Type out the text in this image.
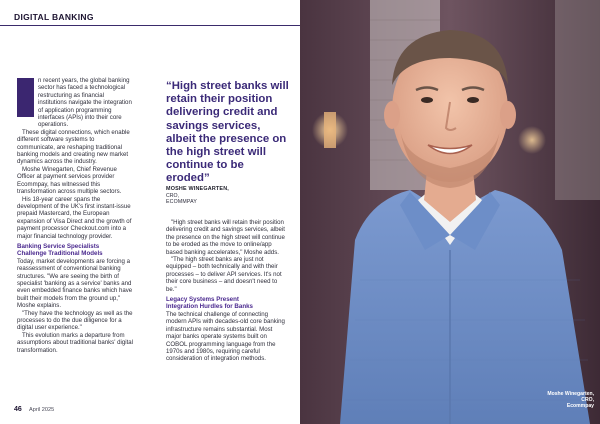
DIGITAL BANKING

n recent years, the global banking sector has faced a technological restructuring as financial institutions navigate the integration of application programming interfaces (APIs) into their core operations.

These digital connections, which enable different software systems to communicate, are reshaping traditional banking models and creating new market dynamics across the industry.

Moshe Winegarten, Chief Revenue Officer at payment services provider Ecommpay, has witnessed this transformation across multiple sectors.

His 18-year career spans the development of the UK's first instant-issue prepaid Mastercard, the European expansion of Visa Direct and the growth of payment processor Checkout.com into a major financial technology provider.

Banking Service Specialists
Challenge Traditional Models

Today, market developments are forcing a reassessment of conventional banking structures. "We are seeing the birth of specialist 'banking as a service' banks and even embedded finance banks which have built their models from the ground up," Moshe explains.

"They have the technology as well as the processes to do the due diligence for a digital user experience."

This evolution marks a departure from assumptions about traditional banks' digital transformation.

“High street banks will retain their position delivering credit and savings services, albeit the presence on the high street will continue to be eroded”
MOSHE WINEGARTEN,
CRO,
ECOMMPAY

"High street banks will retain their position delivering credit and savings services, albeit the presence on the high street will continue to be eroded as the move to online/app based banking accelerates," Moshe adds.

"The high street banks are just not equipped – both technically and with their processes – to deliver API services. It's not their core business – and doesn't need to be."

Legacy Systems Present
Integration Hurdles for Banks

The technical challenge of connecting modern APIs with decades-old core banking infrastructure remains substantial. Most major banks operate systems built on COBOL programming language from the 1970s and 1980s, requiring careful consideration of integration methods.

46 April 2025
Moshe Winegarten,
CRO,
Ecommpay
